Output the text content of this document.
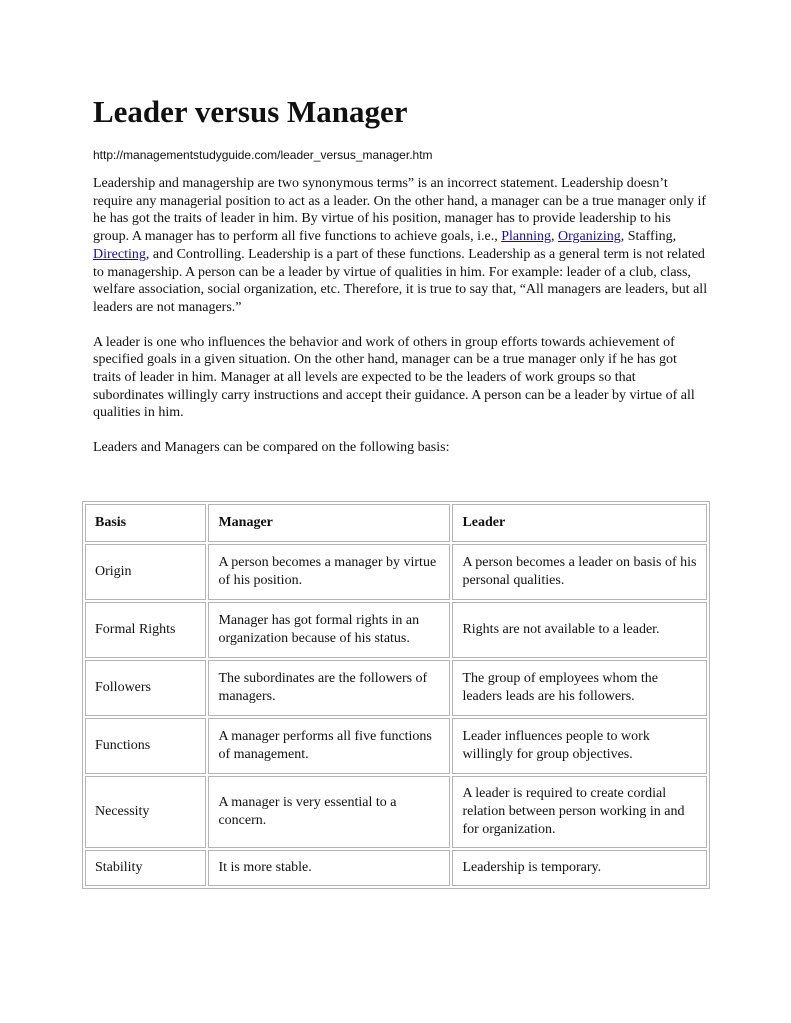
Leader versus Manager
http://managementstudyguide.com/leader_versus_manager.htm

Leadership and managership are two synonymous terms” is an incorrect statement. Leadership doesn’t require any managerial position to act as a leader. On the other hand, a manager can be a true manager only if he has got the traits of leader in him. By virtue of his position, manager has to provide leadership to his group. A manager has to perform all five functions to achieve goals, i.e., Planning, Organizing, Staffing, Directing, and Controlling. Leadership is a part of these functions. Leadership as a general term is not related to managership. A person can be a leader by virtue of qualities in him. For example: leader of a club, class, welfare association, social organization, etc. Therefore, it is true to say that, “All managers are leaders, but all leaders are not managers.”

A leader is one who influences the behavior and work of others in group efforts towards achievement of specified goals in a given situation. On the other hand, manager can be a true manager only if he has got traits of leader in him. Manager at all levels are expected to be the leaders of work groups so that subordinates willingly carry instructions and accept their guidance. A person can be a leader by virtue of all qualities in him.

Leaders and Managers can be compared on the following basis:

Basis	Manager	Leader
Origin	A person becomes a manager by virtue of his position.	A person becomes a leader on basis of his personal qualities.
Formal Rights	Manager has got formal rights in an organization because of his status.	Rights are not available to a leader.
Followers	The subordinates are the followers of managers.	The group of employees whom the leaders leads are his followers.
Functions	A manager performs all five functions of management.	Leader influences people to work willingly for group objectives.
Necessity	A manager is very essential to a concern.	A leader is required to create cordial relation between person working in and for organization.
Stability	It is more stable.	Leadership is temporary.
